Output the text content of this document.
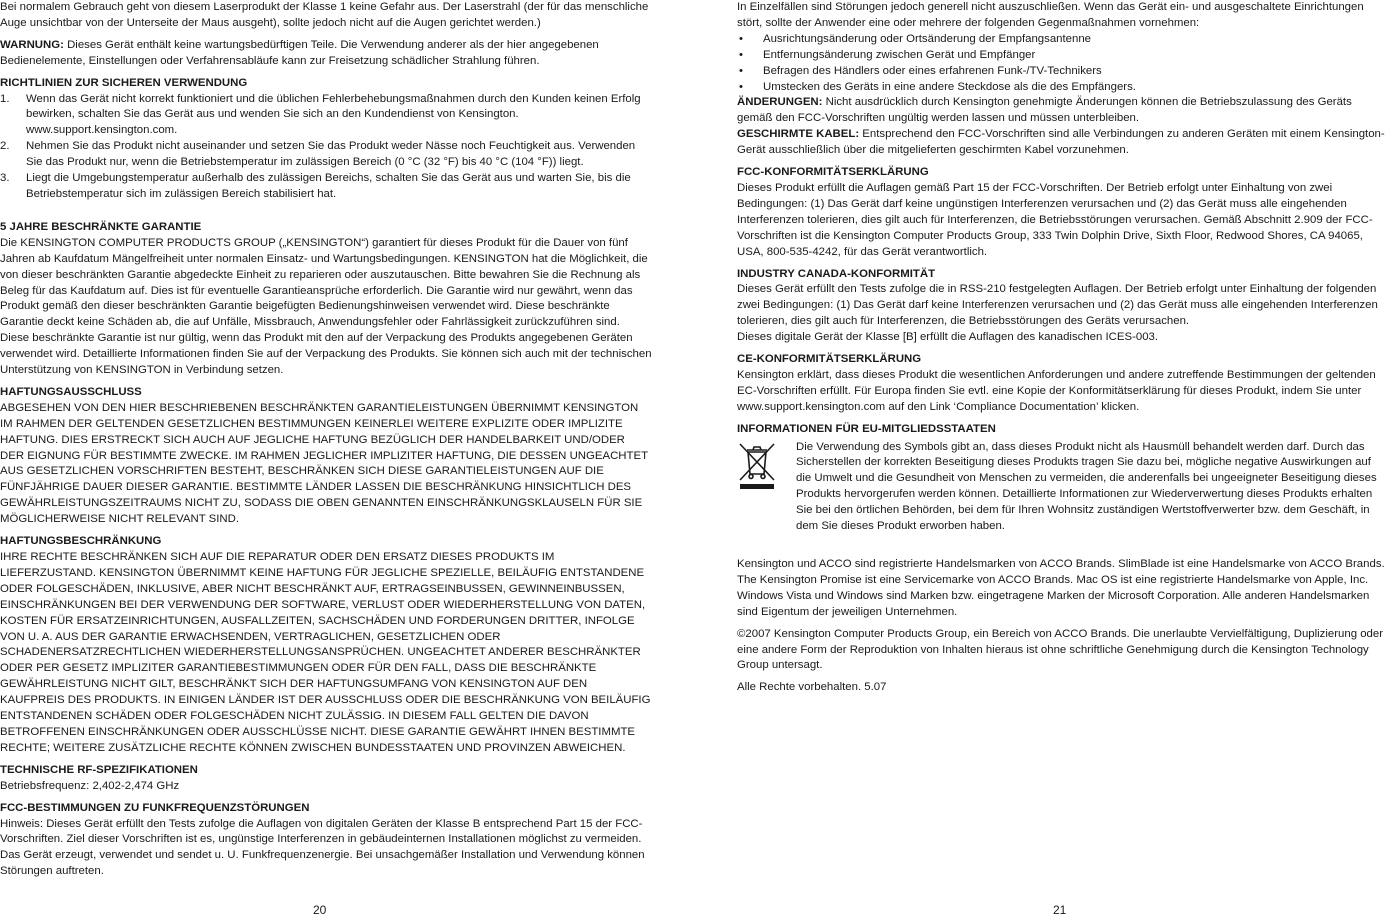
Bei normalem Gebrauch geht von diesem Laserprodukt der Klasse 1 keine Gefahr aus. Der Laserstrahl (der für das menschliche Auge unsichtbar von der Unterseite der Maus ausgeht), sollte jedoch nicht auf die Augen gerichtet werden.)

WARNUNG: Dieses Gerät enthält keine wartungsbedürftigen Teile. Die Verwendung anderer als der hier angegebenen Bedienelemente, Einstellungen oder Verfahrensabläufe kann zur Freisetzung schädlicher Strahlung führen.

RICHTLINIEN ZUR SICHEREN VERWENDUNG
1. Wenn das Gerät nicht korrekt funktioniert und die üblichen Fehlerbehebungsmaßnahmen durch den Kunden keinen Erfolg bewirken, schalten Sie das Gerät aus und wenden Sie sich an den Kundendienst von Kensington. www.support.kensington.com.
2. Nehmen Sie das Produkt nicht auseinander und setzen Sie das Produkt weder Nässe noch Feuchtigkeit aus. Verwenden Sie das Produkt nur, wenn die Betriebstemperatur im zulässigen Bereich (0 °C (32 °F) bis 40 °C (104 °F)) liegt.
3. Liegt die Umgebungstemperatur außerhalb des zulässigen Bereichs, schalten Sie das Gerät aus und warten Sie, bis die Betriebstemperatur sich im zulässigen Bereich stabilisiert hat.
5 JAHRE BESCHRÄNKTE GARANTIE

Die KENSINGTON COMPUTER PRODUCTS GROUP („KENSINGTON“) garantiert für dieses Produkt für die Dauer von fünf Jahren ab Kaufdatum Mängelfreiheit unter normalen Einsatz- und Wartungsbedingungen. KENSINGTON hat die Möglichkeit, die von dieser beschränkten Garantie abgedeckte Einheit zu reparieren oder auszutauschen. Bitte bewahren Sie die Rechnung als Beleg für das Kaufdatum auf. Dies ist für eventuelle Garantieansprüche erforderlich. Die Garantie wird nur gewährt, wenn das Produkt gemäß den dieser beschränkten Garantie beigefügten Bedienungshinweisen verwendet wird. Diese beschränkte Garantie deckt keine Schäden ab, die auf Unfälle, Missbrauch, Anwendungsfehler oder Fahrlässigkeit zurückzuführen sind. Diese beschränkte Garantie ist nur gültig, wenn das Produkt mit den auf der Verpackung des Produkts angegebenen Geräten verwendet wird. Detaillierte Informationen finden Sie auf der Verpackung des Produkts. Sie können sich auch mit der technischen Unterstützung von KENSINGTON in Verbindung setzen.

HAFTUNGSAUSSCHLUSS

ABGESEHEN VON DEN HIER BESCHRIEBENEN BESCHRÄNKTEN GARANTIELEISTUNGEN ÜBERNIMMT KENSINGTON IM RAHMEN DER GELTENDEN GESETZLICHEN BESTIMMUNGEN KEINERLEI WEITERE EXPLIZITE ODER IMPLIZITE HAFTUNG. DIES ERSTRECKT SICH AUCH AUF JEGLICHE HAFTUNG BEZÜGLICH DER HANDELBARKEIT UND/ODER DER EIGNUNG FÜR BESTIMMTE ZWECKE. IM RAHMEN JEGLICHER IMPLIZITER HAFTUNG, DIE DESSEN UNGEACHTET AUS GESETZLICHEN VORSCHRIFTEN BESTEHT, BESCHRÄNKEN SICH DIESE GARANTIELEISTUNGEN AUF DIE FÜNFJÄHRIGE DAUER DIESER GARANTIE. BESTIMMTE LÄNDER LASSEN DIE BESCHRÄNKUNG HINSICHTLICH DES GEWÄHRLEISTUNGSZEITRAUMS NICHT ZU, SODASS DIE OBEN GENANNTEN EINSCHRÄNKUNGSKLAUSELN FÜR SIE MÖGLICHERWEISE NICHT RELEVANT SIND.

HAFTUNGSBESCHRÄNKUNG

IHRE RECHTE BESCHRÄNKEN SICH AUF DIE REPARATUR ODER DEN ERSATZ DIESES PRODUKTS IM LIEFERZUSTAND. KENSINGTON ÜBERNIMMT KEINE HAFTUNG FÜR JEGLICHE SPEZIELLE, BEILÄUFIG ENTSTANDENE ODER FOLGESCHÄDEN, INKLUSIVE, ABER NICHT BESCHRÄNKT AUF, ERTRAGSEINBUSSEN, GEWINNEINBUSSEN, EINSCHRÄNKUNGEN BEI DER VERWENDUNG DER SOFTWARE, VERLUST ODER WIEDERHERSTELLUNG VON DATEN, KOSTEN FÜR ERSATZEINRICHTUNGEN, AUSFALLZEITEN, SACHSCHÄDEN UND FORDERUNGEN DRITTER, INFOLGE VON U. A. AUS DER GARANTIE ERWACHSENDEN, VERTRAGLICHEN, GESETZLICHEN ODER SCHADENERSATZRECHTLICHEN WIEDERHERSTELLUNGSANSPRÜCHEN. UNGEACHTET ANDERER BESCHRÄNKTER ODER PER GESETZ IMPLIZITER GARANTIEBESTIMMUNGEN ODER FÜR DEN FALL, DASS DIE BESCHRÄNKTE GEWÄHRLEISTUNG NICHT GILT, BESCHRÄNKT SICH DER HAFTUNGSUMFANG VON KENSINGTON AUF DEN KAUFPREIS DES PRODUKTS. IN EINIGEN LÄNDER IST DER AUSSCHLUSS ODER DIE BESCHRÄNKUNG VON BEILÄUFIG ENTSTANDENEN SCHÄDEN ODER FOLGESCHÄDEN NICHT ZULÄSSIG. IN DIESEM FALL GELTEN DIE DAVON BETROFFENEN EINSCHRÄNKUNGEN ODER AUSSCHLÜSSE NICHT. DIESE GARANTIE GEWÄHRT IHNEN BESTIMMTE RECHTE; WEITERE ZUSÄTZLICHE RECHTE KÖNNEN ZWISCHEN BUNDESSTAATEN UND PROVINZEN ABWEICHEN.

TECHNISCHE RF-SPEZIFIKATIONEN

Betriebsfrequenz: 2,402-2,474 GHz

FCC-BESTIMMUNGEN ZU FUNKFREQUENZSTÖRUNGEN

Hinweis: Dieses Gerät erfüllt den Tests zufolge die Auflagen von digitalen Geräten der Klasse B entsprechend Part 15 der FCC-Vorschriften. Ziel dieser Vorschriften ist es, ungünstige Interferenzen in gebäudeinternen Installationen möglichst zu vermeiden. Das Gerät erzeugt, verwendet und sendet u. U. Funkfrequenzenergie. Bei unsachgemäßer Installation und Verwendung können Störungen auftreten.

20

In Einzelfällen sind Störungen jedoch generell nicht auszuschließen. Wenn das Gerät ein- und ausgeschaltete Einrichtungen stört, sollte der Anwender eine oder mehrere der folgenden Gegenmaßnahmen vornehmen:

• Ausrichtungsänderung oder Ortsänderung der Empfangsantenne
• Entfernungsänderung zwischen Gerät und Empfänger
• Befragen des Händlers oder eines erfahrenen Funk-/TV-Technikers
• Umstecken des Geräts in eine andere Steckdose als die des Empfängers.

ÄNDERUNGEN: Nicht ausdrücklich durch Kensington genehmigte Änderungen können die Betriebszulassung des Geräts gemäß den FCC-Vorschriften ungültig werden lassen und müssen unterbleiben.

GESCHIRMTE KABEL: Entsprechend den FCC-Vorschriften sind alle Verbindungen zu anderen Geräten mit einem Kensington-Gerät ausschließlich über die mitgelieferten geschirmten Kabel vorzunehmen.

FCC-KONFORMITÄTSERKLÄRUNG

Dieses Produkt erfüllt die Auflagen gemäß Part 15 der FCC-Vorschriften. Der Betrieb erfolgt unter Einhaltung von zwei Bedingungen: (1) Das Gerät darf keine ungünstigen Interferenzen verursachen und (2) das Gerät muss alle eingehenden Interferenzen tolerieren, dies gilt auch für Interferenzen, die Betriebsstörungen verursachen. Gemäß Abschnitt 2.909 der FCC-Vorschriften ist die Kensington Computer Products Group, 333 Twin Dolphin Drive, Sixth Floor, Redwood Shores, CA 94065, USA, 800-535-4242, für das Gerät verantwortlich.

INDUSTRY CANADA-KONFORMITÄT

Dieses Gerät erfüllt den Tests zufolge die in RSS-210 festgelegten Auflagen. Der Betrieb erfolgt unter Einhaltung der folgenden zwei Bedingungen: (1) Das Gerät darf keine Interferenzen verursachen und (2) das Gerät muss alle eingehenden Interferenzen tolerieren, dies gilt auch für Interferenzen, die Betriebsstörungen des Geräts verursachen.

Dieses digitale Gerät der Klasse [B] erfüllt die Auflagen des kanadischen ICES-003.

CE-KONFORMITÄTSERKLÄRUNG

Kensington erklärt, dass dieses Produkt die wesentlichen Anforderungen und andere zutreffende Bestimmungen der geltenden EC-Vorschriften erfüllt. Für Europa finden Sie evtl. eine Kopie der Konformitätserklärung für dieses Produkt, indem Sie unter www.support.kensington.com auf den Link ‘Compliance Documentation’ klicken.

INFORMATIONEN FÜR EU-MITGLIEDSSTAATEN

Die Verwendung des Symbols gibt an, dass dieses Produkt nicht als Hausmüll behandelt werden darf. Durch das Sicherstellen der korrekten Beseitigung dieses Produkts tragen Sie dazu bei, mögliche negative Auswirkungen auf die Umwelt und die Gesundheit von Menschen zu vermeiden, die anderenfalls bei ungeeigneter Beseitigung dieses Produkts hervorgerufen werden können. Detaillierte Informationen zur Wiederverwertung dieses Produkts erhalten Sie bei den örtlichen Behörden, bei dem für Ihren Wohnsitz zuständigen Wertstoffverwerter bzw. dem Geschäft, in dem Sie dieses Produkt erworben haben.

Kensington und ACCO sind registrierte Handelsmarken von ACCO Brands. SlimBlade ist eine Handelsmarke von ACCO Brands. The Kensington Promise ist eine Servicemarke von ACCO Brands. Mac OS ist eine registrierte Handelsmarke von Apple, Inc. Windows Vista und Windows sind Marken bzw. eingetragene Marken der Microsoft Corporation. Alle anderen Handelsmarken sind Eigentum der jeweiligen Unternehmen.

©2007 Kensington Computer Products Group, ein Bereich von ACCO Brands. Die unerlaubte Vervielfältigung, Duplizierung oder eine andere Form der Reproduktion von Inhalten hieraus ist ohne schriftliche Genehmigung durch die Kensington Technology Group untersagt.

Alle Rechte vorbehalten. 5.07

21
